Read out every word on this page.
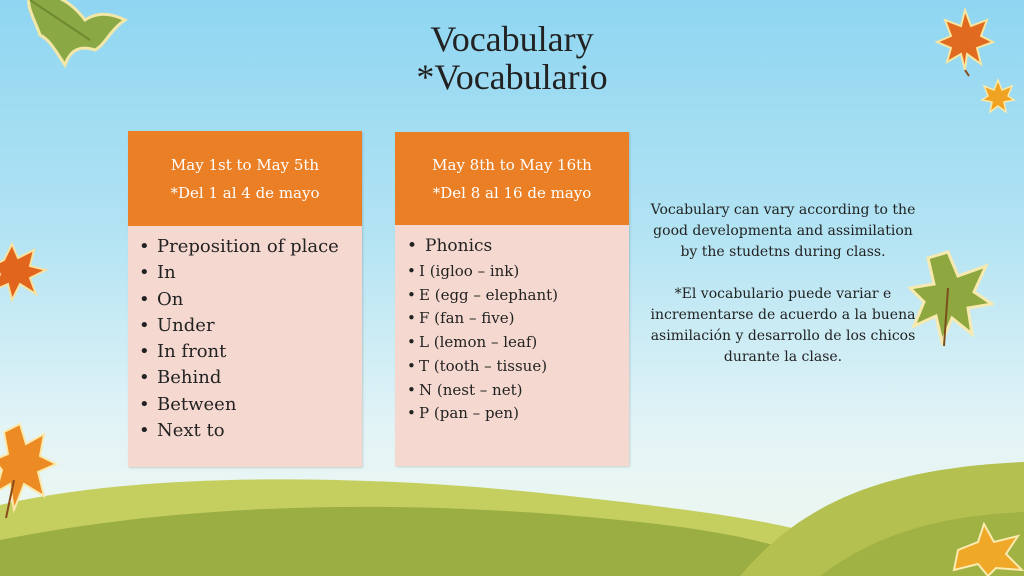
Vocabulary
*Vocabulario
May 1st to May 5th
*Del 1 al 4 de mayo
• Preposition of place
• In
• On
• Under
• In front
• Behind
• Between
• Next to
May 8th to May 16th
*Del 8 al 16 de mayo
• Phonics
• I (igloo – ink)
• E (egg – elephant)
• F (fan – five)
• L (lemon – leaf)
• T (tooth – tissue)
• N (nest – net)
• P (pan – pen)

Vocabulary can vary according to the good developmenta and assimilation by the studetns during class.

*El vocabulario puede variar e incrementarse de acuerdo a la buena asimilación y desarrollo de los chicos durante la clase.
